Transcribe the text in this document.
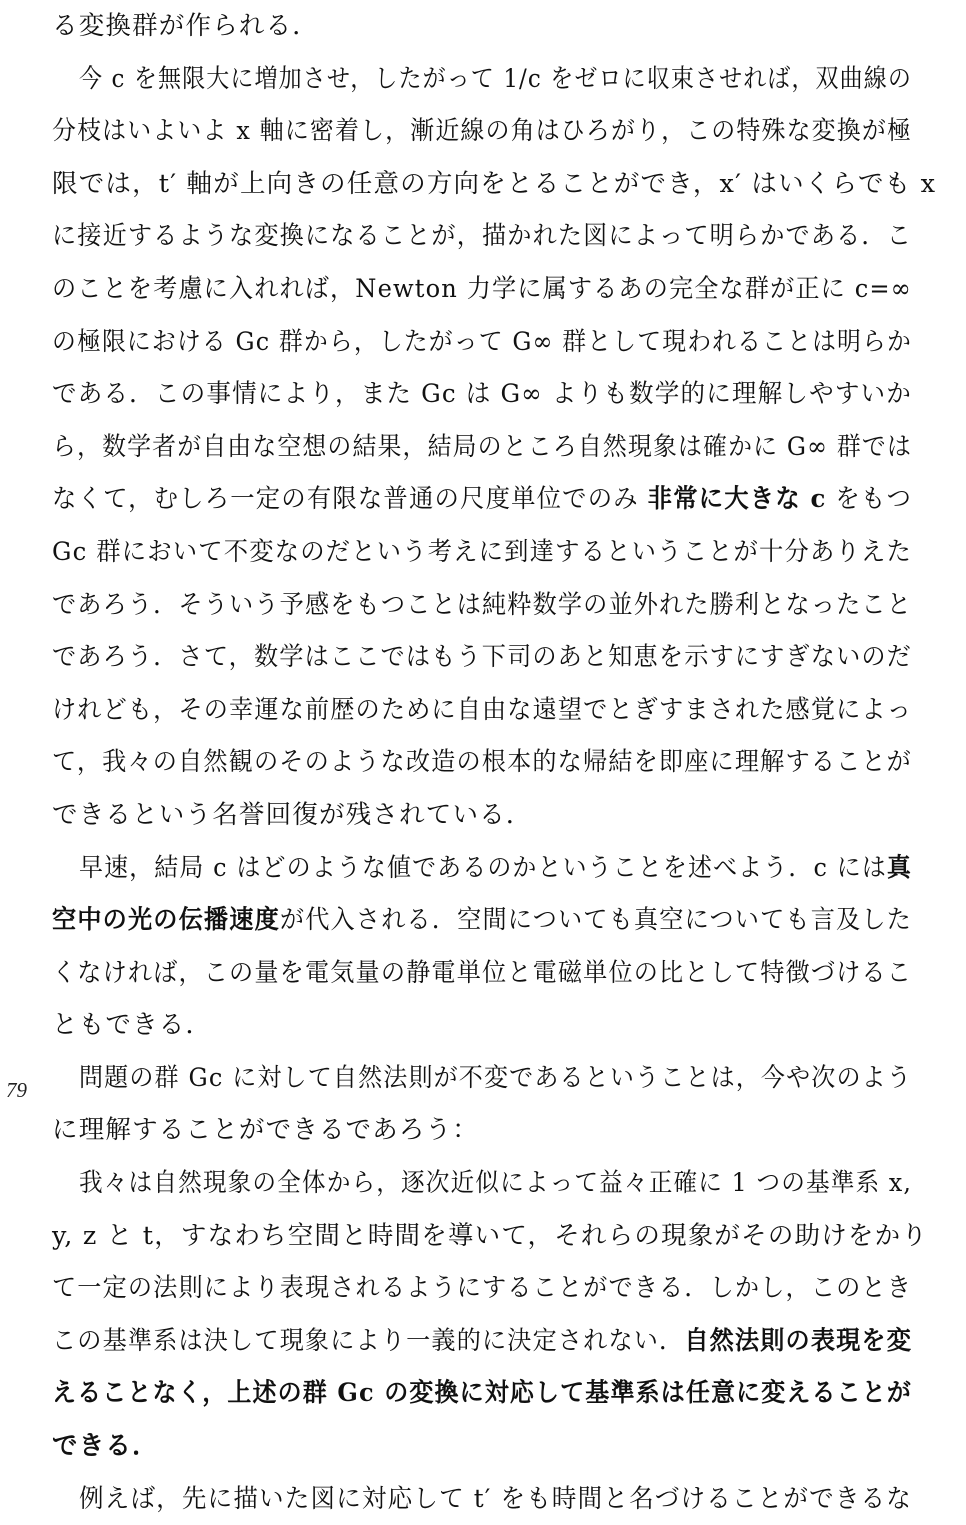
79
る変換群が作られる．
今 c を無限大に増加させ，したがって 1/c をゼロに収束させれば，双曲線の
分枝はいよいよ x 軸に密着し，漸近線の角はひろがり，この特殊な変換が極
限では，t′ 軸が上向きの任意の方向をとることができ，x′ はいくらでも x
に接近するような変換になることが，描かれた図によって明らかである．こ
のことを考慮に入れれば，Newton 力学に属するあの完全な群が正に c=∞
の極限における Gc 群から，したがって G∞ 群として現われることは明らか
である．この事情により，また Gc は G∞ よりも数学的に理解しやすいか
ら，数学者が自由な空想の結果，結局のところ自然現象は確かに G∞ 群では
なくて，むしろ一定の有限な普通の尺度単位でのみ 非常に大きな c をもつ
Gc 群において不変なのだという考えに到達するということが十分ありえた
であろう．そういう予感をもつことは純粋数学の並外れた勝利となったこと
であろう．さて，数学はここではもう下司のあと知恵を示すにすぎないのだ
けれども，その幸運な前歴のために自由な遠望でとぎすまされた感覚によっ
て，我々の自然観のそのような改造の根本的な帰結を即座に理解することが
できるという名誉回復が残されている．
早速，結局 c はどのような値であるのかということを述べよう．c には真
空中の光の伝播速度が代入される．空間についても真空についても言及した
くなければ，この量を電気量の静電単位と電磁単位の比として特徴づけるこ
ともできる．
問題の群 Gc に対して自然法則が不変であるということは，今や次のよう
に理解することができるであろう：
我々は自然現象の全体から，逐次近似によって益々正確に 1 つの基準系 x,
y, z と t，すなわち空間と時間を導いて，それらの現象がその助けをかり
て一定の法則により表現されるようにすることができる．しかし，このとき
この基準系は決して現象により一義的に決定されない．自然法則の表現を変
えることなく，上述の群 Gc の変換に対応して基準系は任意に変えることが
できる．
例えば，先に描いた図に対応して t′ をも時間と名づけることができるな
